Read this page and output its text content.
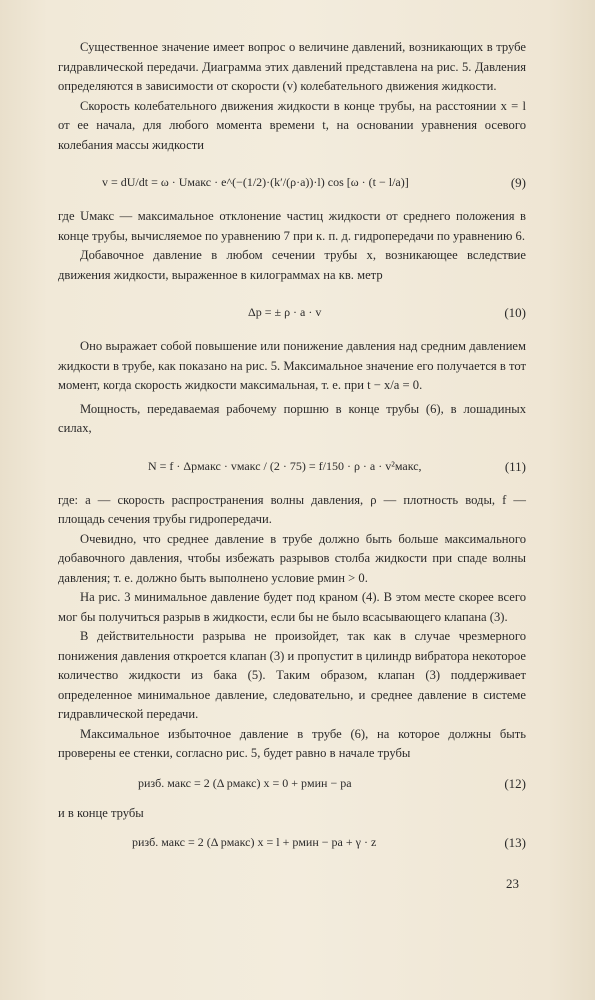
Существенное значение имеет вопрос о величине давлений, возникающих в трубе гидравлической передачи. Диаграмма этих давлений представлена на рис. 5. Давления определяются в зависимости от скорости (v) колебательного движения жидкости.

Скорость колебательного движения жидкости в конце трубы, на расстоянии x = l от ее начала, для любого момента времени t, на основании уравнения осевого колебания массы жидкости

v = dU/dt = ω · Uмакс · e^(−(1/2)·(k′/(ρ·a))·l) cos [ω · (t − l/a)]	(9)

где Uмакс — максимальное отклонение частиц жидкости от среднего положения в конце трубы, вычисляемое по уравнению 7 при к. п. д. гидропередачи по уравнению 6.

Добавочное давление в любом сечении трубы x, возникающее вследствие движения жидкости, выраженное в килограммах на кв. метр

Δp = ± ρ · a · v	(10)

Оно выражает собой повышение или понижение давления над средним давлением жидкости в трубе, как показано на рис. 5. Максимальное значение его получается в тот момент, когда скорость жидкости максимальная, т. е. при t − x/a = 0.

Мощность, передаваемая рабочему поршню в конце трубы (6), в лошадиных силах,

N = f · Δpмакс · vмакс / (2 · 75) = f/150 · ρ · a · v²макс,	(11)

где: a — скорость распространения волны давления, ρ — плотность воды, f — площадь сечения трубы гидропередачи.

Очевидно, что среднее давление в трубе должно быть больше максимального добавочного давления, чтобы избежать разрывов столба жидкости при спаде волны давления; т. е. должно быть выполнено условие pмин > 0.

На рис. 3 минимальное давление будет под краном (4). В этом месте скорее всего мог бы получиться разрыв в жидкости, если бы не было всасывающего клапана (3).

В действительности разрыва не произойдет, так как в случае чрезмерного понижения давления откроется клапан (3) и пропустит в цилиндр вибратора некоторое количество жидкости из бака (5). Таким образом, клапан (3) поддерживает определенное минимальное давление, следовательно, и среднее давление в системе гидравлической передачи.

Максимальное избыточное давление в трубе (6), на которое должны быть проверены ее стенки, согласно рис. 5, будет равно в начале трубы

pизб. макс = 2 (Δ pмакс) x = 0 + pмин − pa	(12)

и в конце трубы

pизб. макс = 2 (Δ pмакс) x = l + pмин − pa + γ · z	(13)
23
